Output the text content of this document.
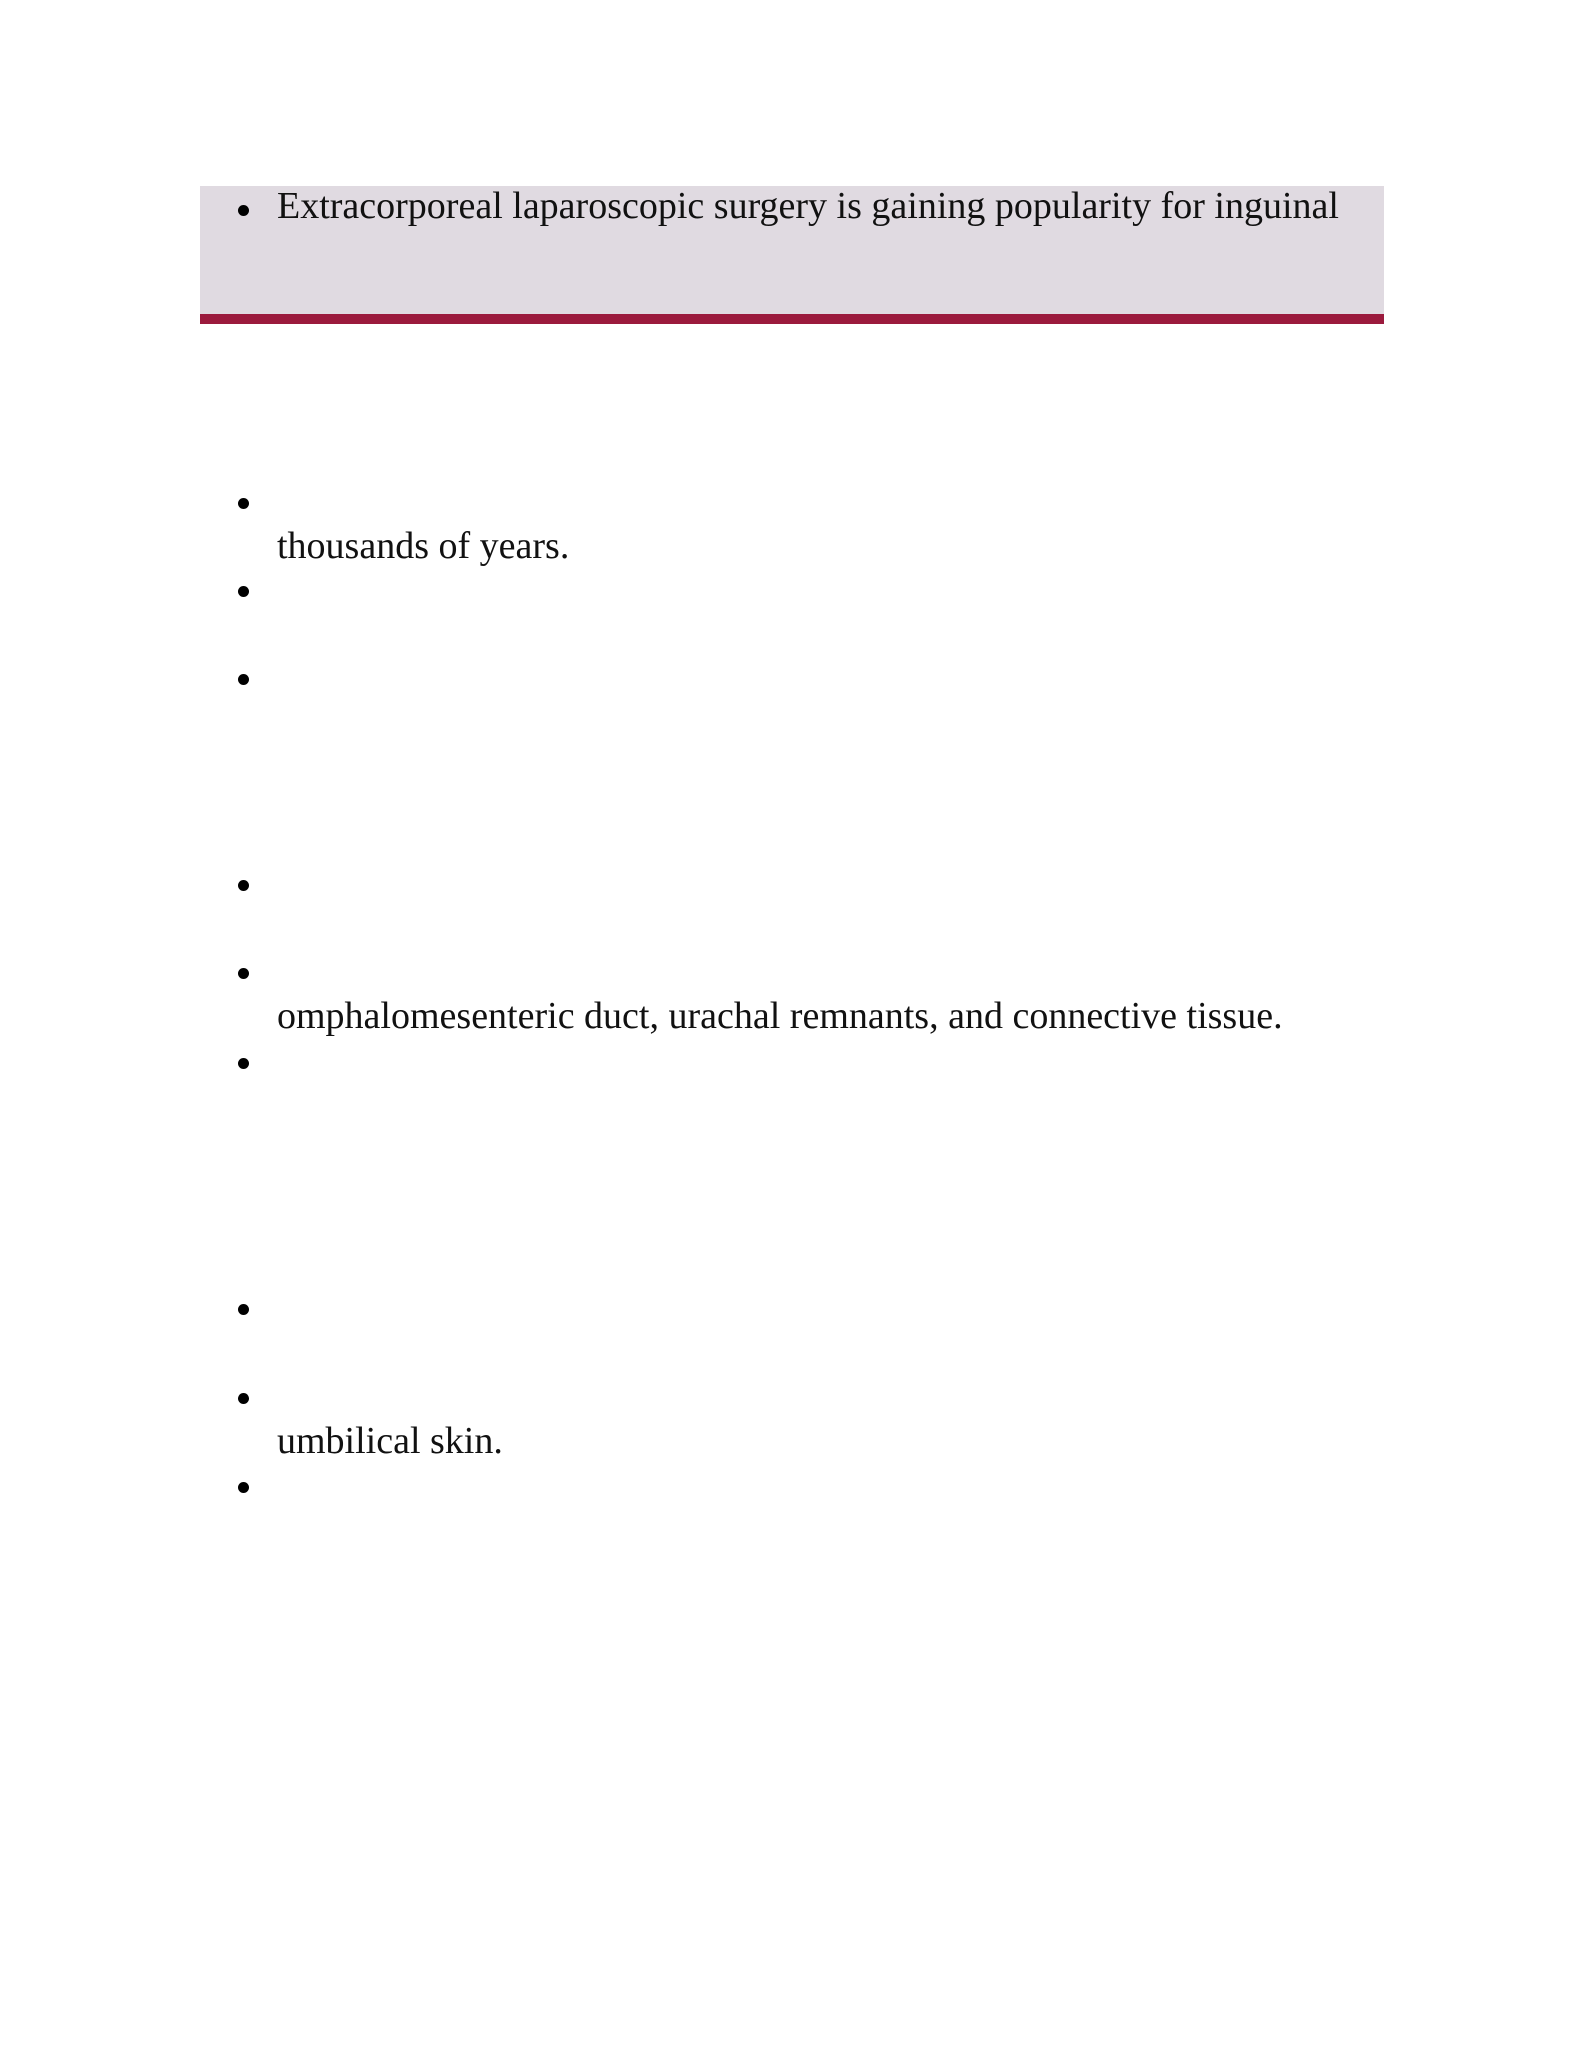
Extracorporeal laparoscopic surgery is gaining popularity for inguinal
thousands of years.
omphalomesenteric duct, urachal remnants, and connective tissue.
umbilical skin.
